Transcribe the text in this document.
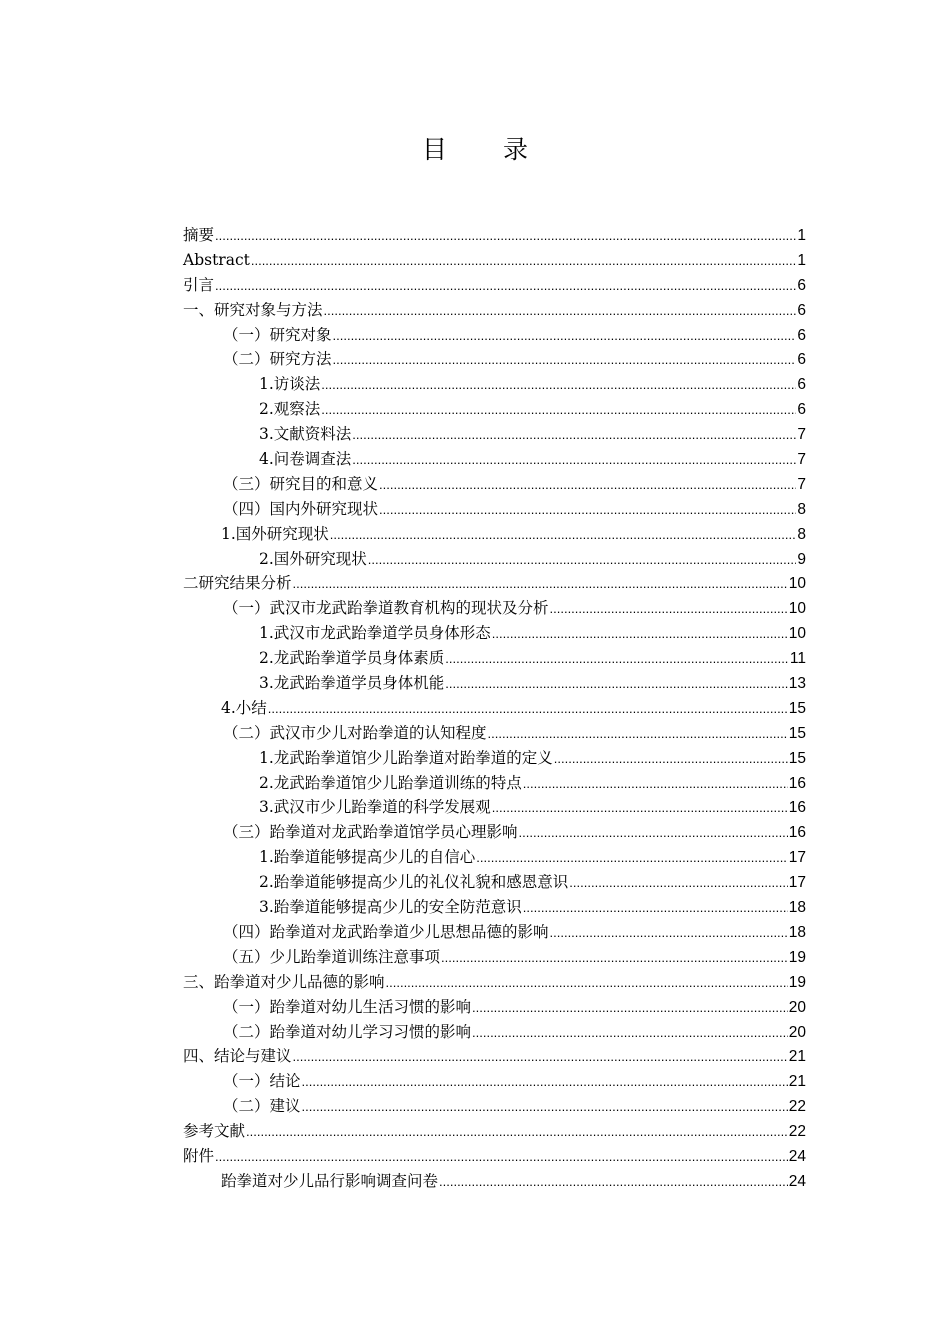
目 录
摘要 .....	1
Abstract .....	1
引言 .....	6
一、研究对象与方法 .....	6
（一）研究对象 .....	6
（二）研究方法 .....	6
1.访谈法 .....	6
2.观察法 .....	6
3.文献资料法 .....	7
4.问卷调查法 .....	7
（三）研究目的和意义 .....	7
（四）国内外研究现状 .....	8
1.国外研究现状 .....	8
2.国外研究现状 .....	9
二研究结果分析 .....	10
（一）武汉市龙武跆拳道教育机构的现状及分析 .....	10
1.武汉市龙武跆拳道学员身体形态 .....	10
2.龙武跆拳道学员身体素质 .....	11
3.龙武跆拳道学员身体机能 .....	13
4.小结 .....	15
（二）武汉市少儿对跆拳道的认知程度 .....	15
1.龙武跆拳道馆少儿跆拳道对跆拳道的定义 .....	15
2.龙武跆拳道馆少儿跆拳道训练的特点 .....	16
3.武汉市少儿跆拳道的科学发展观 .....	16
（三）跆拳道对龙武跆拳道馆学员心理影响 .....	16
1.跆拳道能够提高少儿的自信心 .....	17
2.跆拳道能够提高少儿的礼仪礼貌和感恩意识 .....	17
3.跆拳道能够提高少儿的安全防范意识 .....	18
（四）跆拳道对龙武跆拳道少儿思想品德的影响 .....	18
（五）少儿跆拳道训练注意事项 .....	19
三、跆拳道对少儿品德的影响 .....	19
（一）跆拳道对幼儿生活习惯的影响 .....	20
（二）跆拳道对幼儿学习习惯的影响 .....	20
四、结论与建议 .....	21
（一）结论 .....	21
（二）建议 .....	22
参考文献 .....	22
附件 .....	24
跆拳道对少儿品行影响调查问卷 .....	24
